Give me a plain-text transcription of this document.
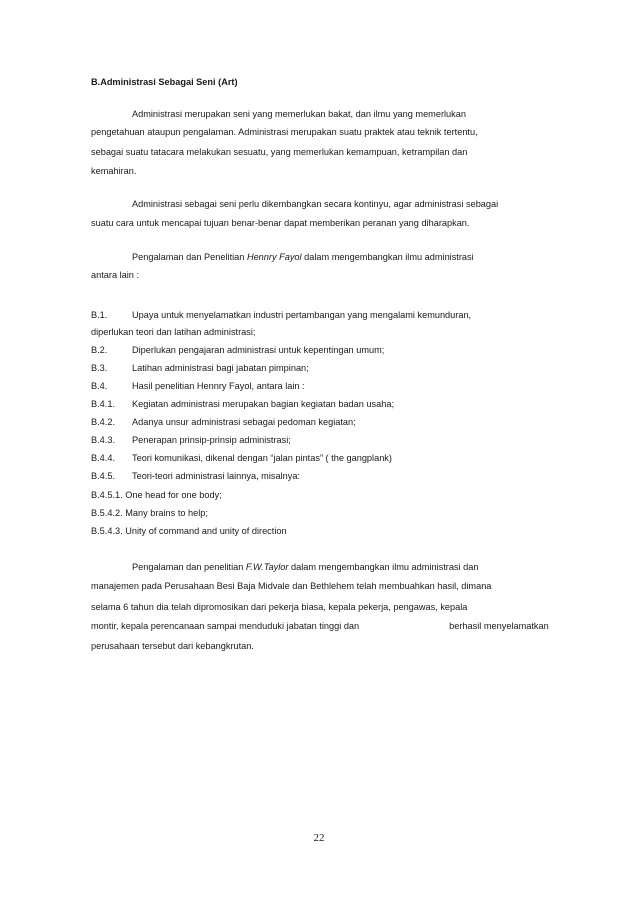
B.Administrasi Sebagai Seni (Art)
Administrasi merupakan seni yang memerlukan bakat, dan ilmu yang memerlukan
pengetahuan ataupun pengalaman. Administrasi merupakan suatu praktek atau teknik tertentu,
sebagai suatu tatacara melakukan sesuatu, yang memerlukan kemampuan, ketrampilan dan
kemahiran.
Administrasi sebagai seni perlu dikembangkan secara kontinyu, agar administrasi sebagai
suatu cara untuk mencapai tujuan benar-benar dapat memberikan peranan yang diharapkan.
Pengalaman dan Penelitian Hennry Fayol dalam mengembangkan ilmu administrasi
antara lain :
B.1.	Upaya untuk menyelamatkan industri pertambangan yang mengalami kemunduran,
diperlukan teori dan latihan administrasi;
B.2.	Diperlukan pengajaran administrasi untuk kepentingan umum;
B.3.	Latihan administrasi bagi jabatan pimpinan;
B.4.	Hasil penelitian Hennry Fayol, antara lain :
B.4.1. Kegiatan administrasi merupakan bagian kegiatan badan usaha;
B.4.2. Adanya unsur administrasi sebagai pedoman kegiatan;
B.4.3. Penerapan prinsip-prinsip administrasi;
B.4.4. Teori komunikasi, dikenal dengan “jalan pintas” ( the gangplank)
B.4.5. Teori-teori administrasi lainnya, misalnya:
B.4.5.1. One head for one body;
B.5.4.2. Many brains to help;
B.5.4.3. Unity of command and unity of direction
Pengalaman dan penelitian F.W.Taylor dalam mengembangkan ilmu administrasi dan
manajemen pada Perusahaan Besi Baja Midvale dan Bethlehem telah membuahkan hasil, dimana
selama 6 tahun dia telah dipromosikan dari pekerja biasa, kepala pekerja, pengawas, kepala
montir, kepala perencanaan sampai menduduki jabatan tinggi dan	berhasil menyelamatkan
perusahaan tersebut dari kebangkrutan.
22
